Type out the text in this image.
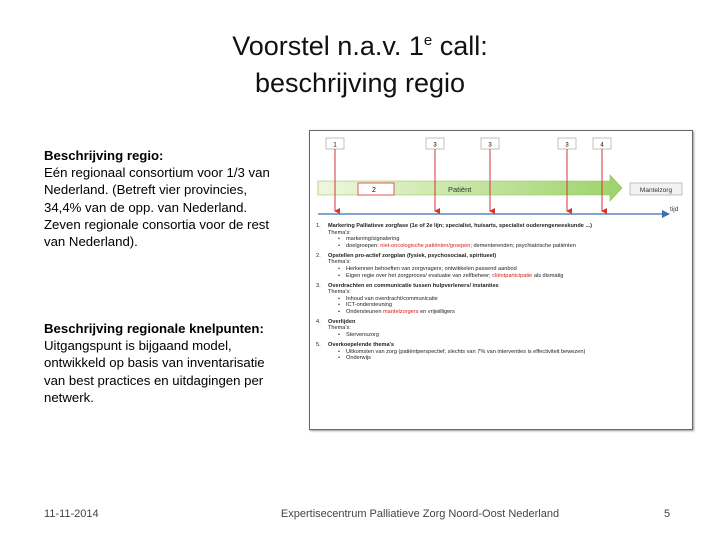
Voorstel n.a.v. 1e call:
beschrijving regio
Beschrijving regio:
Eén regionaal consortium voor 1/3 van Nederland. (Betreft vier provincies, 34,4% van de opp. van Nederland. Zeven regionale consortia voor de rest van Nederland).
Beschrijving regionale knelpunten:
Uitgangspunt is bijgaand model, ontwikkeld op basis van inventarisatie van best practices en uitdagingen per netwerk.
1	3	3	3	4
2	Patiënt	Mantelzorg
tijd
1.	Markering Palliatieve zorgfase (1e of 2e lijn; specialist, huisarts, specialist ouderengeneeskunde ...)
Thema's:
• markering/signalering
• doelgroepen: niet-oncologische patiënten/groepen; dementerenden; psychiatrische patiënten
2.	Opstellen pro-actief zorgplan (fysiek, psychosociaal, spiritueel)
Thema's:
• Herkennen behoeften van zorgvragers; ontwikkelen passend aanbod
• Eigen regie over het zorgproces/ evaluatie van zelfbeheer; cliëntparticipatie als dismatig
3.	Overdrachten en communicatie tussen hulpverleners/ instanties
Thema's:
• Inhoud van overdracht/communicatie
• ICT-ondersteuning
• Ondersteunen mantelzorgers en vrijwilligers
4.	Overlijden
Thema's:
• Stervenszorg
5.	Overkoepelende thema's
• Uitkomsten van zorg (patiëntperspectief, slechts van 7% van interventies is effectiviteit bewezen)
• Onderwijs
11-11-2014	Expertisecentrum Palliatieve Zorg Noord-Oost Nederland	5
